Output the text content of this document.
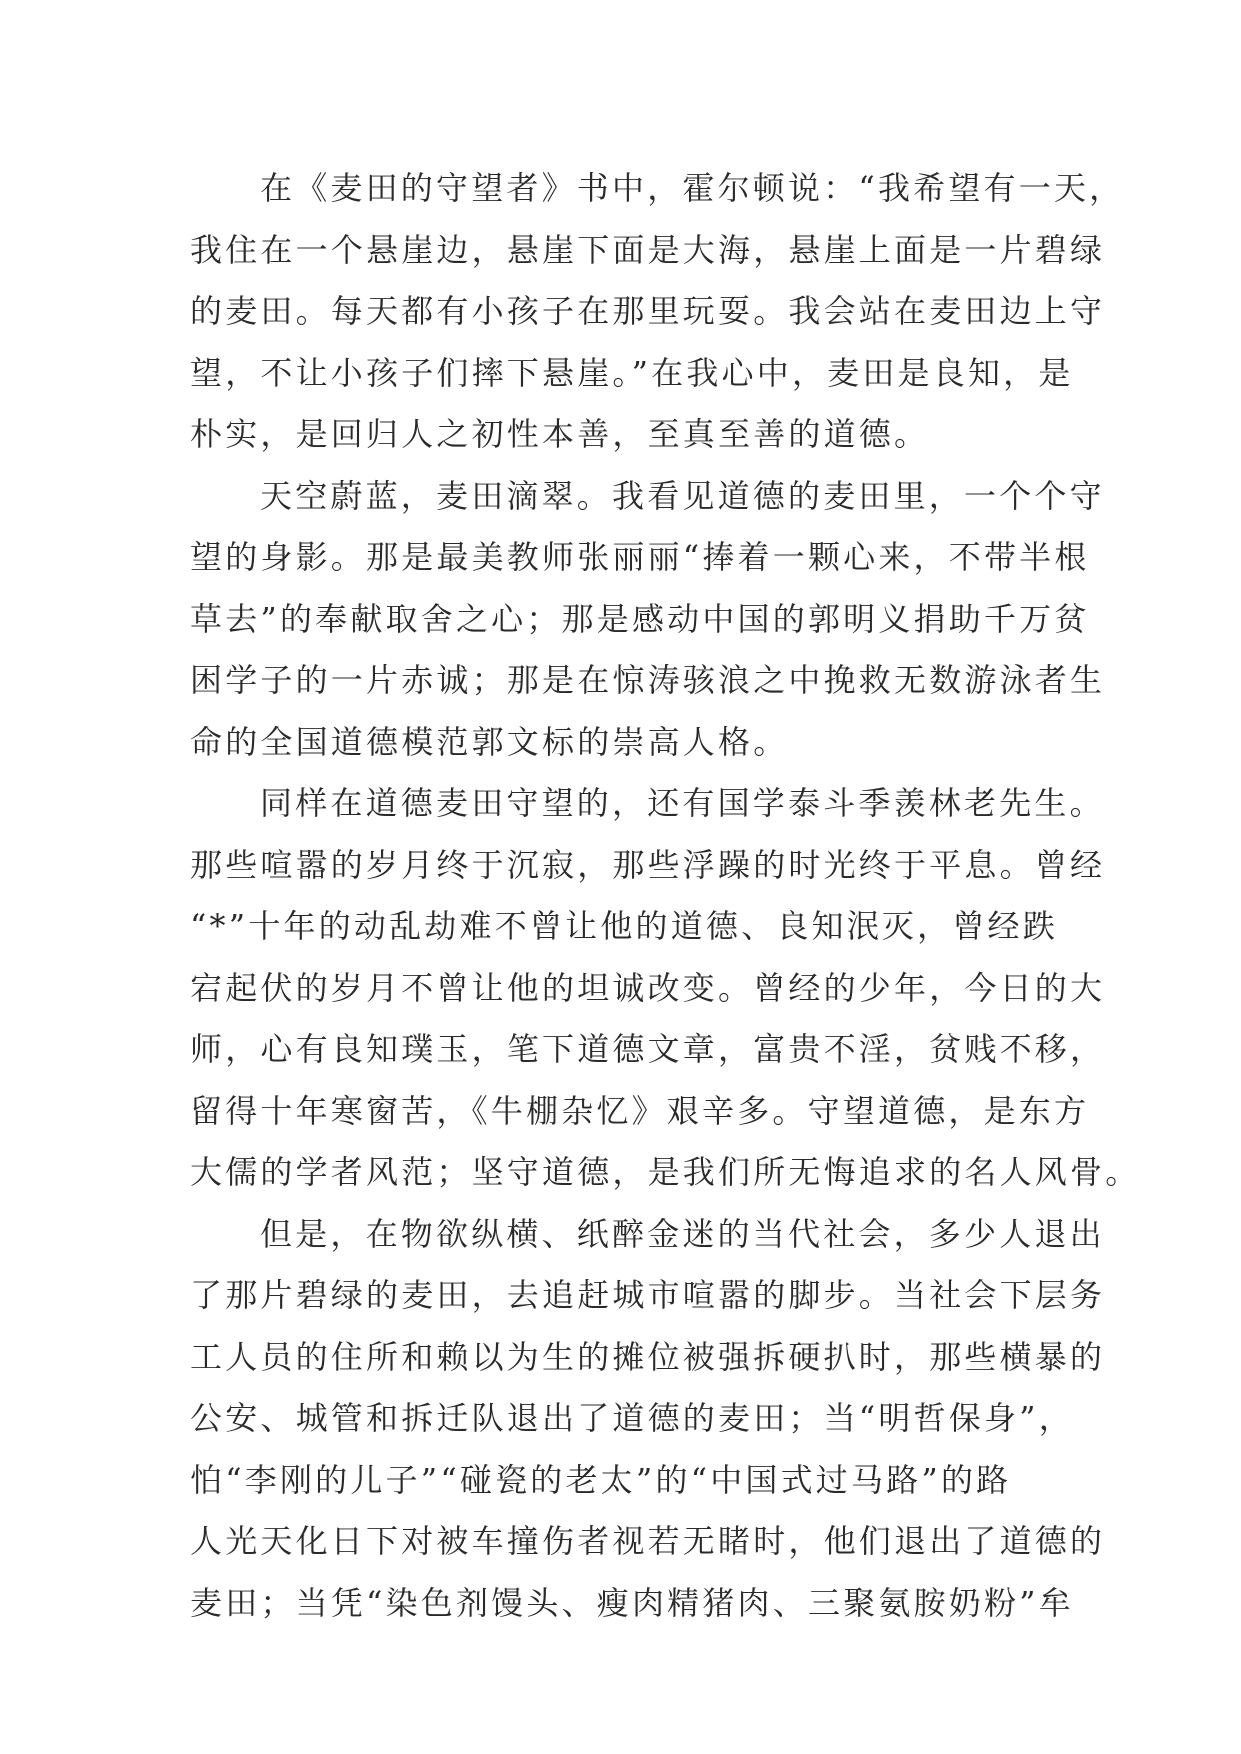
在《麦田的守望者》书中，霍尔顿说：“我希望有一天，
我住在一个悬崖边，悬崖下面是大海，悬崖上面是一片碧绿
的麦田。每天都有小孩子在那里玩耍。我会站在麦田边上守
望，不让小孩子们摔下悬崖。”在我心中，麦田是良知，是
朴实，是回归人之初性本善，至真至善的道德。
天空蔚蓝，麦田滴翠。我看见道德的麦田里，一个个守
望的身影。那是最美教师张丽丽“捧着一颗心来，不带半根
草去”的奉献取舍之心；那是感动中国的郭明义捐助千万贫
困学子的一片赤诚；那是在惊涛骇浪之中挽救无数游泳者生
命的全国道德模范郭文标的崇高人格。
同样在道德麦田守望的，还有国学泰斗季羡林老先生。
那些喧嚣的岁月终于沉寂，那些浮躁的时光终于平息。曾经
“*”十年的动乱劫难不曾让他的道德、良知泯灭，曾经跌
宕起伏的岁月不曾让他的坦诚改变。曾经的少年，今日的大
师，心有良知璞玉，笔下道德文章，富贵不淫，贫贱不移，
留得十年寒窗苦，《牛棚杂忆》艰辛多。守望道德，是东方
大儒的学者风范；坚守道德，是我们所无悔追求的名人风骨。
但是，在物欲纵横、纸醉金迷的当代社会，多少人退出
了那片碧绿的麦田，去追赶城市喧嚣的脚步。当社会下层务
工人员的住所和赖以为生的摊位被强拆硬扒时，那些横暴的
公安、城管和拆迁队退出了道德的麦田；当“明哲保身”，
怕“李刚的儿子”“碰瓷的老太”的“中国式过马路”的路
人光天化日下对被车撞伤者视若无睹时，他们退出了道德的
麦田；当凭“染色剂馒头、瘦肉精猪肉、三聚氨胺奶粉”牟
